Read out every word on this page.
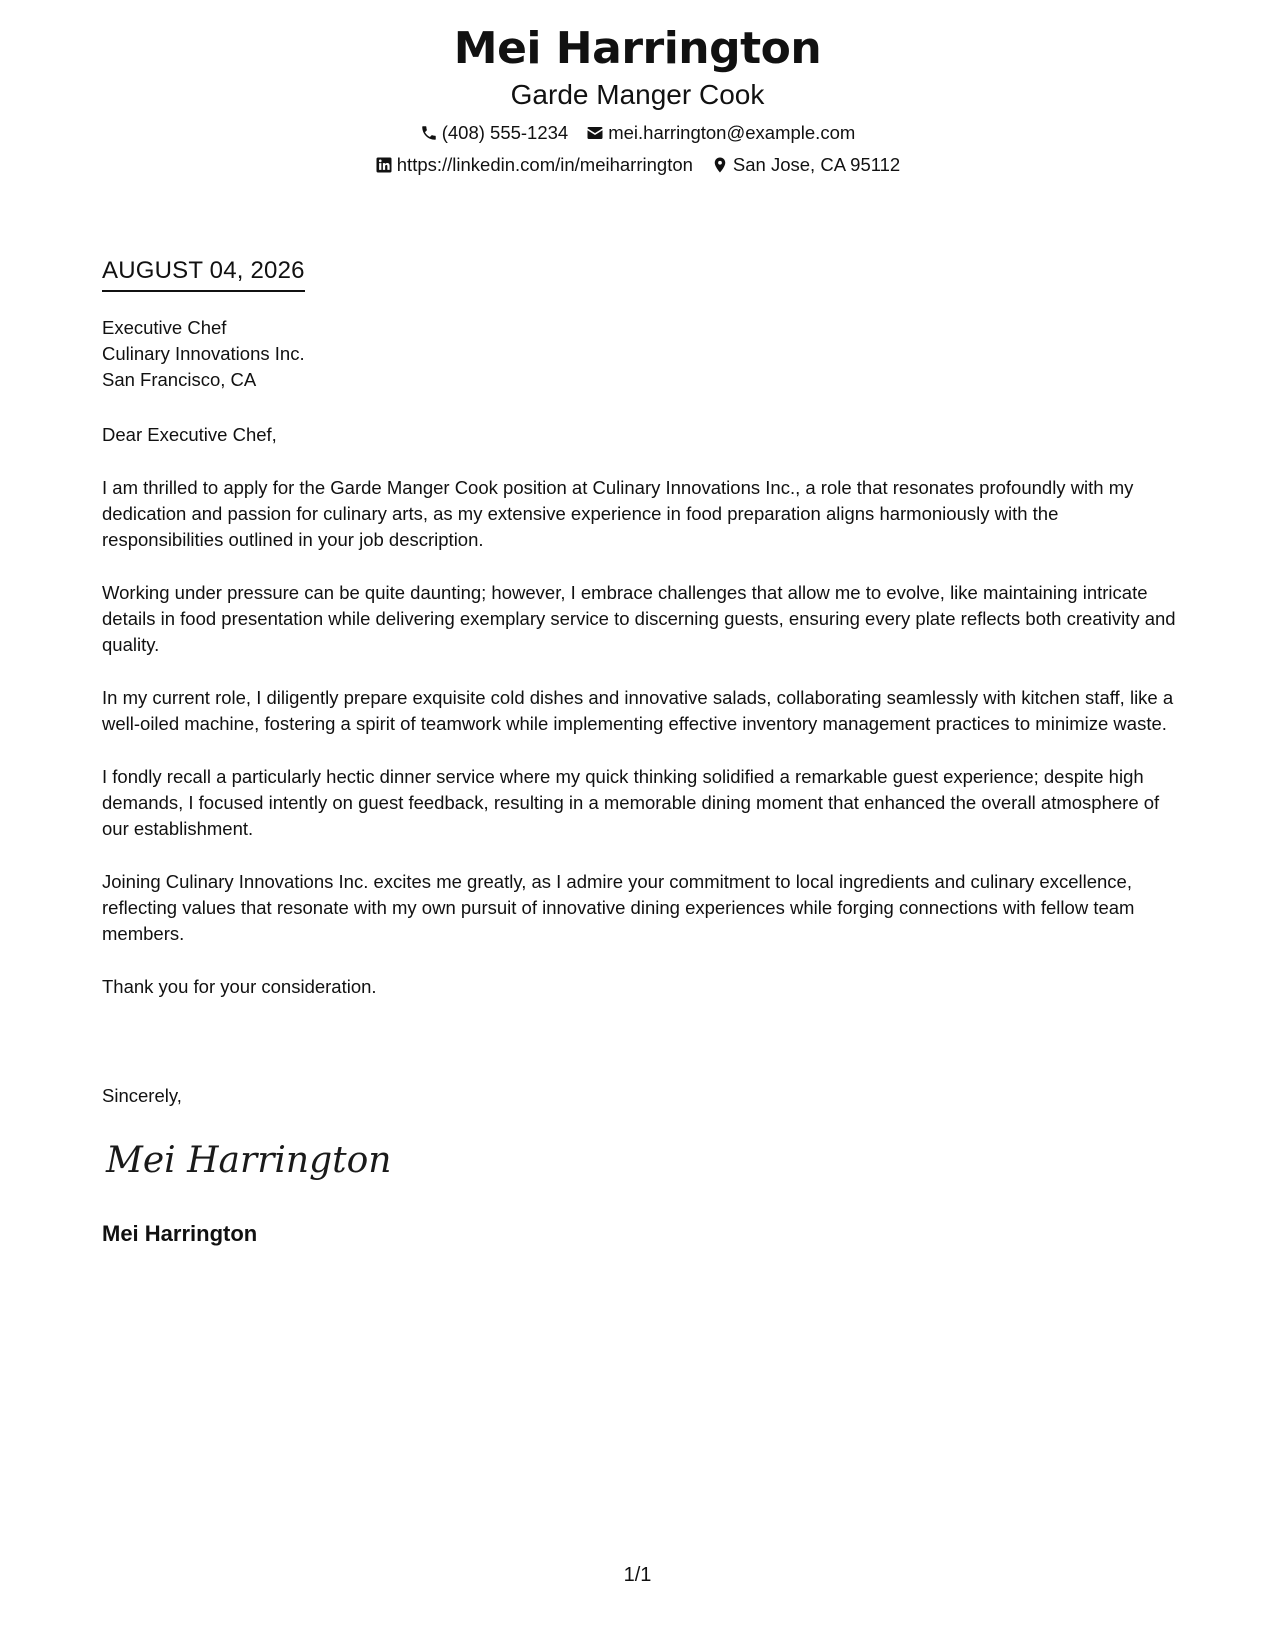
Mei Harrington
Garde Manger Cook
(408) 555-1234 mei.harrington@example.com
https://linkedin.com/in/meiharrington San Jose, CA 95112
AUGUST 04, 2026
Executive Chef
Culinary Innovations Inc.
San Francisco, CA

Dear Executive Chef,

I am thrilled to apply for the Garde Manger Cook position at Culinary Innovations Inc., a role that resonates profoundly with my dedication and passion for culinary arts, as my extensive experience in food preparation aligns harmoniously with the responsibilities outlined in your job description.

Working under pressure can be quite daunting; however, I embrace challenges that allow me to evolve, like maintaining intricate details in food presentation while delivering exemplary service to discerning guests, ensuring every plate reflects both creativity and quality.

In my current role, I diligently prepare exquisite cold dishes and innovative salads, collaborating seamlessly with kitchen staff, like a well-oiled machine, fostering a spirit of teamwork while implementing effective inventory management practices to minimize waste.

I fondly recall a particularly hectic dinner service where my quick thinking solidified a remarkable guest experience; despite high demands, I focused intently on guest feedback, resulting in a memorable dining moment that enhanced the overall atmosphere of our establishment.

Joining Culinary Innovations Inc. excites me greatly, as I admire your commitment to local ingredients and culinary excellence, reflecting values that resonate with my own pursuit of innovative dining experiences while forging connections with fellow team members.

Thank you for your consideration.

Sincerely,
Mei Harrington
Mei Harrington
1/1
